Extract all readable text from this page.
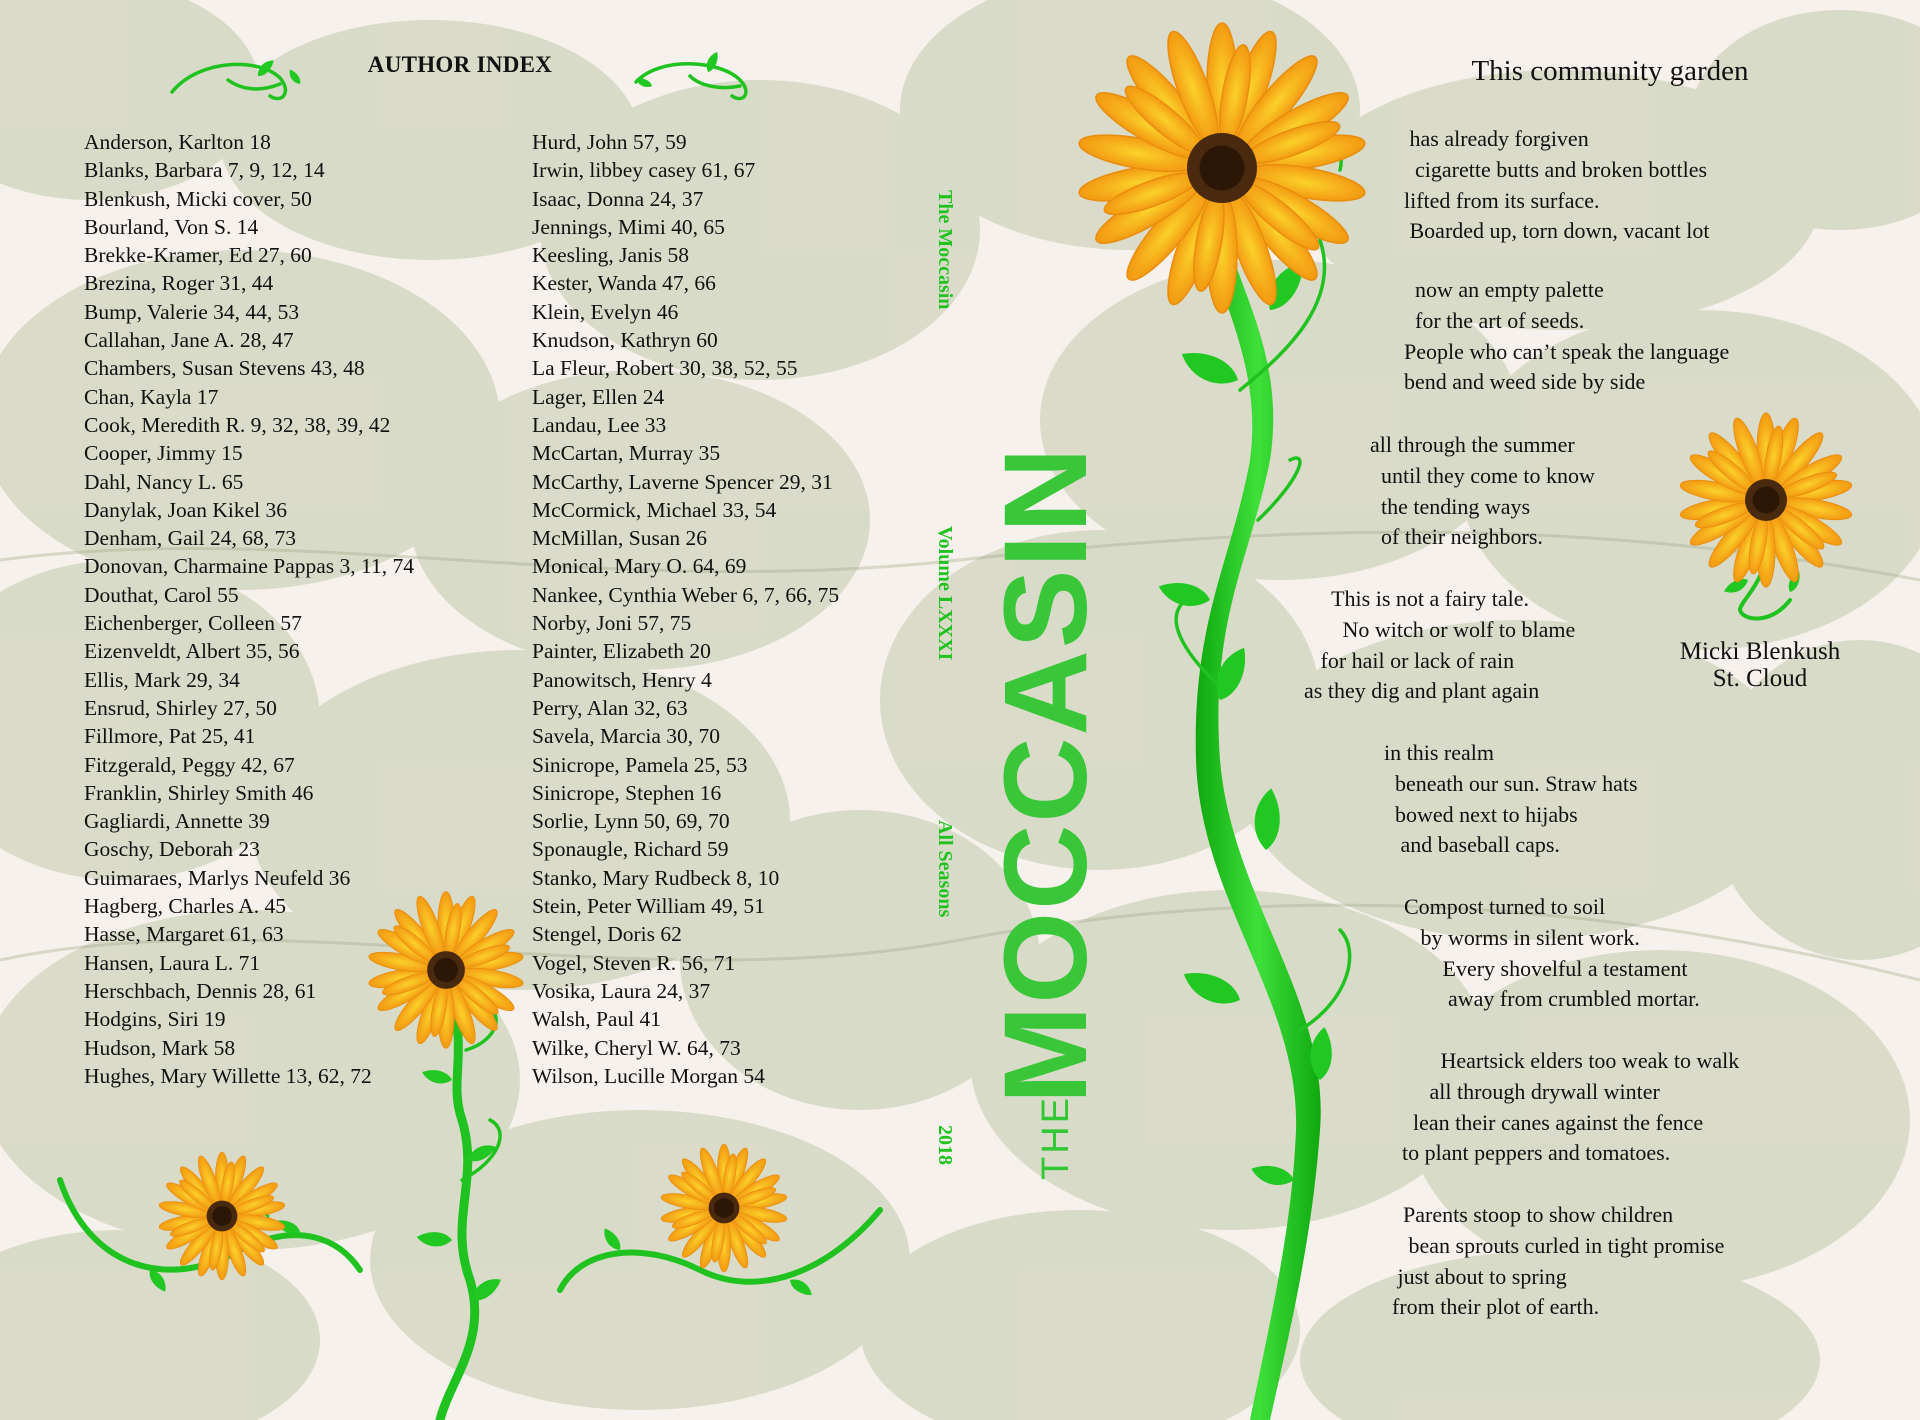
THE
MOCCASIN
AUTHOR INDEX
Anderson, Karlton 18
Blanks, Barbara 7, 9, 12, 14
Blenkush, Micki cover, 50
Bourland, Von S. 14
Brekke-Kramer, Ed 27, 60
Brezina, Roger 31, 44
Bump, Valerie 34, 44, 53
Callahan, Jane A. 28, 47
Chambers, Susan Stevens 43, 48
Chan, Kayla 17
Cook, Meredith R. 9, 32, 38, 39, 42
Cooper, Jimmy 15
Dahl, Nancy L. 65
Danylak, Joan Kikel 36
Denham, Gail 24, 68, 73
Donovan, Charmaine Pappas 3, 11, 74
Douthat, Carol 55
Eichenberger, Colleen 57
Eizenveldt, Albert 35, 56
Ellis, Mark 29, 34
Ensrud, Shirley 27, 50
Fillmore, Pat 25, 41
Fitzgerald, Peggy 42, 67
Franklin, Shirley Smith 46
Gagliardi, Annette 39
Goschy, Deborah 23
Guimaraes, Marlys Neufeld 36
Hagberg, Charles A. 45
Hasse, Margaret 61, 63
Hansen, Laura L. 71
Herschbach, Dennis 28, 61
Hodgins, Siri 19
Hudson, Mark 58
Hughes, Mary Willette 13, 62, 72
Hurd, John 57, 59
Irwin, libbey casey 61, 67
Isaac, Donna 24, 37
Jennings, Mimi 40, 65
Keesling, Janis 58
Kester, Wanda 47, 66
Klein, Evelyn 46
Knudson, Kathryn 60
La Fleur, Robert 30, 38, 52, 55
Lager, Ellen 24
Landau, Lee 33
McCartan, Murray 35
McCarthy, Laverne Spencer 29, 31
McCormick, Michael 33, 54
McMillan, Susan 26
Monical, Mary O. 64, 69
Nankee, Cynthia Weber 6, 7, 66, 75
Norby, Joni 57, 75
Painter, Elizabeth 20
Panowitsch, Henry 4
Perry, Alan 32, 63
Savela, Marcia 30, 70
Sinicrope, Pamela 25, 53
Sinicrope, Stephen 16
Sorlie, Lynn 50, 69, 70
Sponaugle, Richard 59
Stanko, Mary Rudbeck 8, 10
Stein, Peter William 49, 51
Stengel, Doris 62
Vogel, Steven R. 56, 71
Vosika, Laura 24, 37
Walsh, Paul 41
Wilke, Cheryl W. 64, 73
Wilson, Lucille Morgan 54
The Moccasin
Volume LXXXI
All Seasons
2018
This community garden
has already forgiven
cigarette butts and broken bottles
lifted from its surface.
Boarded up, torn down, vacant lot
now an empty palette
for the art of seeds.
People who can’t speak the language
bend and weed side by side
all through the summer
until they come to know
the tending ways
of their neighbors.
This is not a fairy tale.
No witch or wolf to blame
for hail or lack of rain
as they dig and plant again
in this realm
beneath our sun. Straw hats
bowed next to hijabs
and baseball caps.
Compost turned to soil
by worms in silent work.
Every shovelful a testament
away from crumbled mortar.
Heartsick elders too weak to walk
all through drywall winter
lean their canes against the fence
to plant peppers and tomatoes.
Parents stoop to show children
bean sprouts curled in tight promise
just about to spring
from their plot of earth.
Micki Blenkush
St. Cloud
